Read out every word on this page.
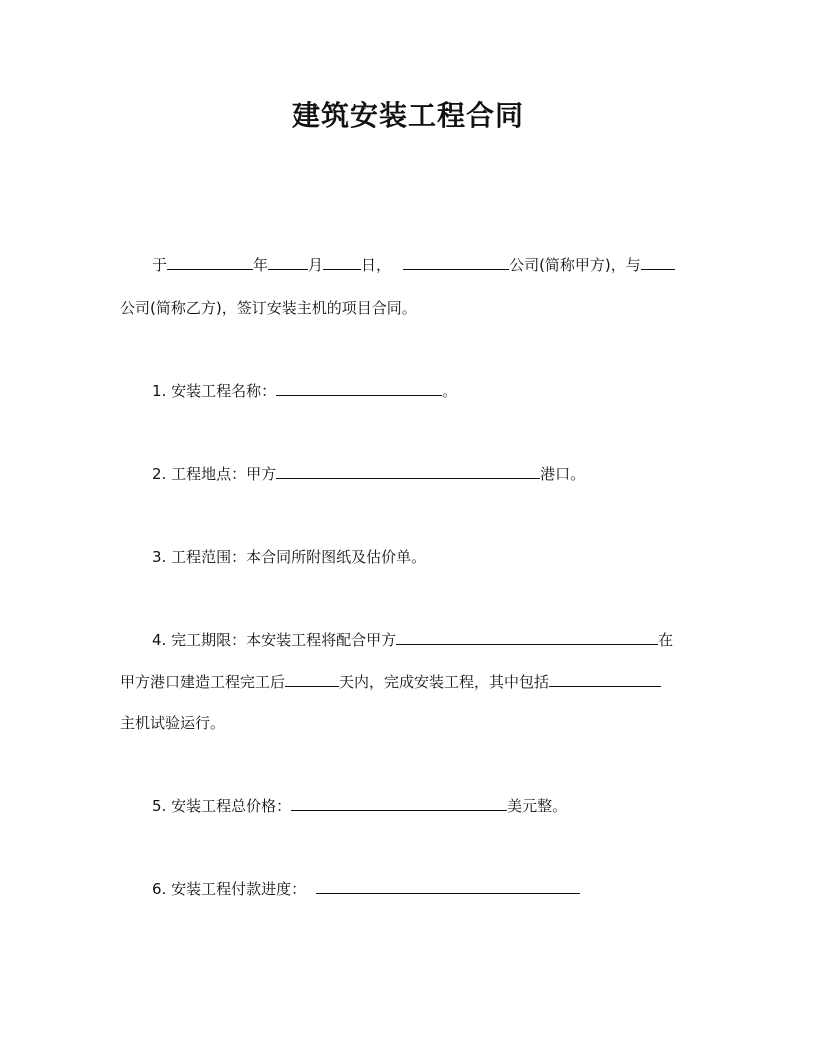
建筑安装工程合同
于	年	月	日，	公司(简称甲方)，与
公司(简称乙方)，签订安装主机的项目合同。
1. 安装工程名称：	。
2. 工程地点：甲方	港口。
3. 工程范围：本合同所附图纸及估价单。
4. 完工期限：本安装工程将配合甲方	在
甲方港口建造工程完工后	天内，完成安装工程，其中包括
主机试验运行。
5. 安装工程总价格：	美元整。
6. 安装工程付款进度：
